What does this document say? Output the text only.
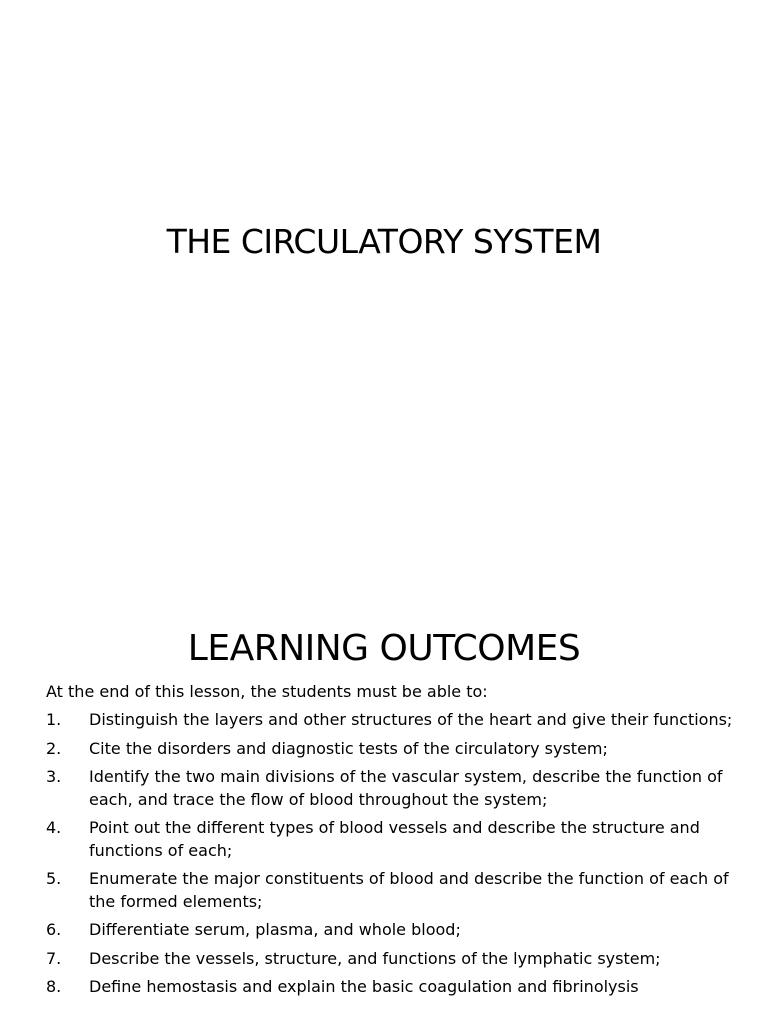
THE CIRCULATORY SYSTEM
LEARNING OUTCOMES
At the end of this lesson, the students must be able to:
1. Distinguish the layers and other structures of the heart and give their functions;
2. Cite the disorders and diagnostic tests of the circulatory system;
3. Identify the two main divisions of the vascular system, describe the function of each, and trace the flow of blood throughout the system;
4. Point out the different types of blood vessels and describe the structure and functions of each;
5. Enumerate the major constituents of blood and describe the function of each of the formed elements;
6. Differentiate serum, plasma, and whole blood;
7. Describe the vessels, structure, and functions of the lymphatic system;
8. Define hemostasis and explain the basic coagulation and fibrinolysis
